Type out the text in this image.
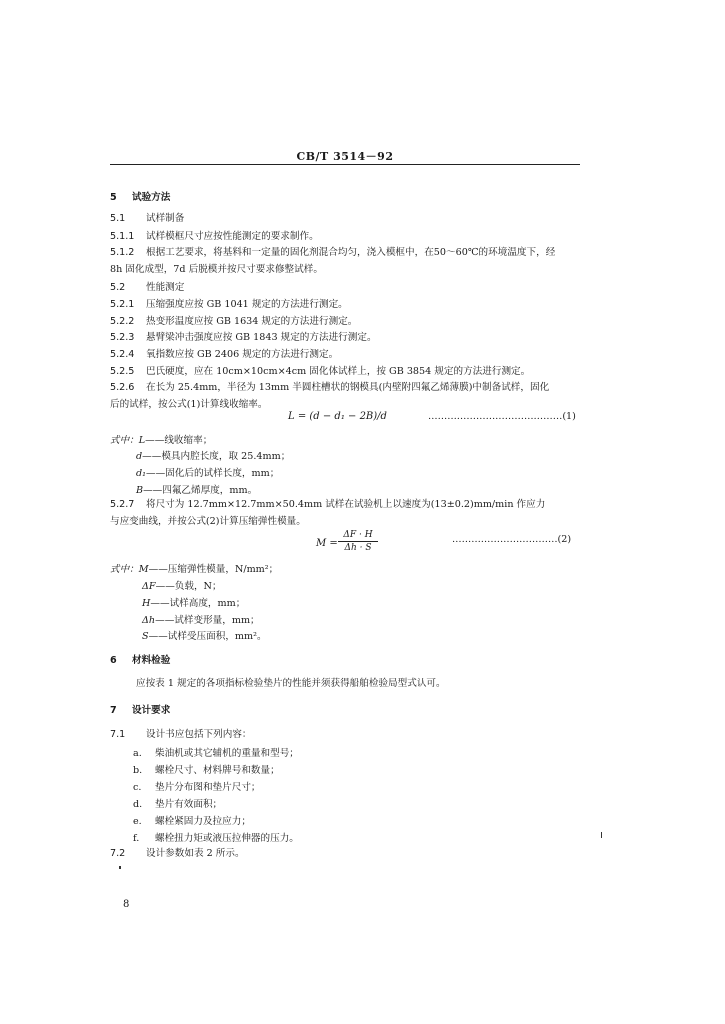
CB/T 3514－92
5 试验方法
5.1 试样制备
5.1.1 试样模框尺寸应按性能测定的要求制作。
5.1.2 根据工艺要求，将基料和一定量的固化剂混合均匀，浇入模框中，在50～60℃的环境温度下，经
8h 固化成型，7d 后脱模并按尺寸要求修整试样。
5.2 性能测定
5.2.1 压缩强度应按 GB 1041 规定的方法进行测定。
5.2.2 热变形温度应按 GB 1634 规定的方法进行测定。
5.2.3 悬臂梁冲击强度应按 GB 1843 规定的方法进行测定。
5.2.4 氧指数应按 GB 2406 规定的方法进行测定。
5.2.5 巴氏硬度，应在 10cm×10cm×4cm 固化体试样上，按 GB 3854 规定的方法进行测定。
5.2.6 在长为 25.4mm，半径为 13mm 半圆柱槽状的钢模具(内壁附四氟乙烯薄膜)中制备试样，固化
后的试样，按公式(1)计算线收缩率。
L = (d − d₁ − 2B)/d	……………………………………(1)
式中：L——线收缩率；
d——模具内腔长度，取 25.4mm；
d₁——固化后的试样长度，mm；
B——四氟乙烯厚度，mm。
5.2.7 将尺寸为 12.7mm×12.7mm×50.4mm 试样在试验机上以速度为(13±0.2)mm/min 作应力
与应变曲线，并按公式(2)计算压缩弹性模量。
M =
ΔF · H
Δh · S
……………………………(2)
式中：M——压缩弹性模量，N/mm²；
ΔF——负载，N；
H——试样高度，mm；
Δh——试样变形量，mm；
S——试样受压面积，mm²。
6 材料检验
应按表 1 规定的各项指标检验垫片的性能并须获得船舶检验局型式认可。
7 设计要求
7.1 设计书应包括下列内容：
a. 柴油机或其它辅机的重量和型号；
b. 螺栓尺寸、材料牌号和数量；
c. 垫片分布图和垫片尺寸；
d. 垫片有效面积；
e. 螺栓紧固力及拉应力；
f. 螺栓扭力矩或液压拉伸器的压力。
7.2 设计参数如表 2 所示。
8
